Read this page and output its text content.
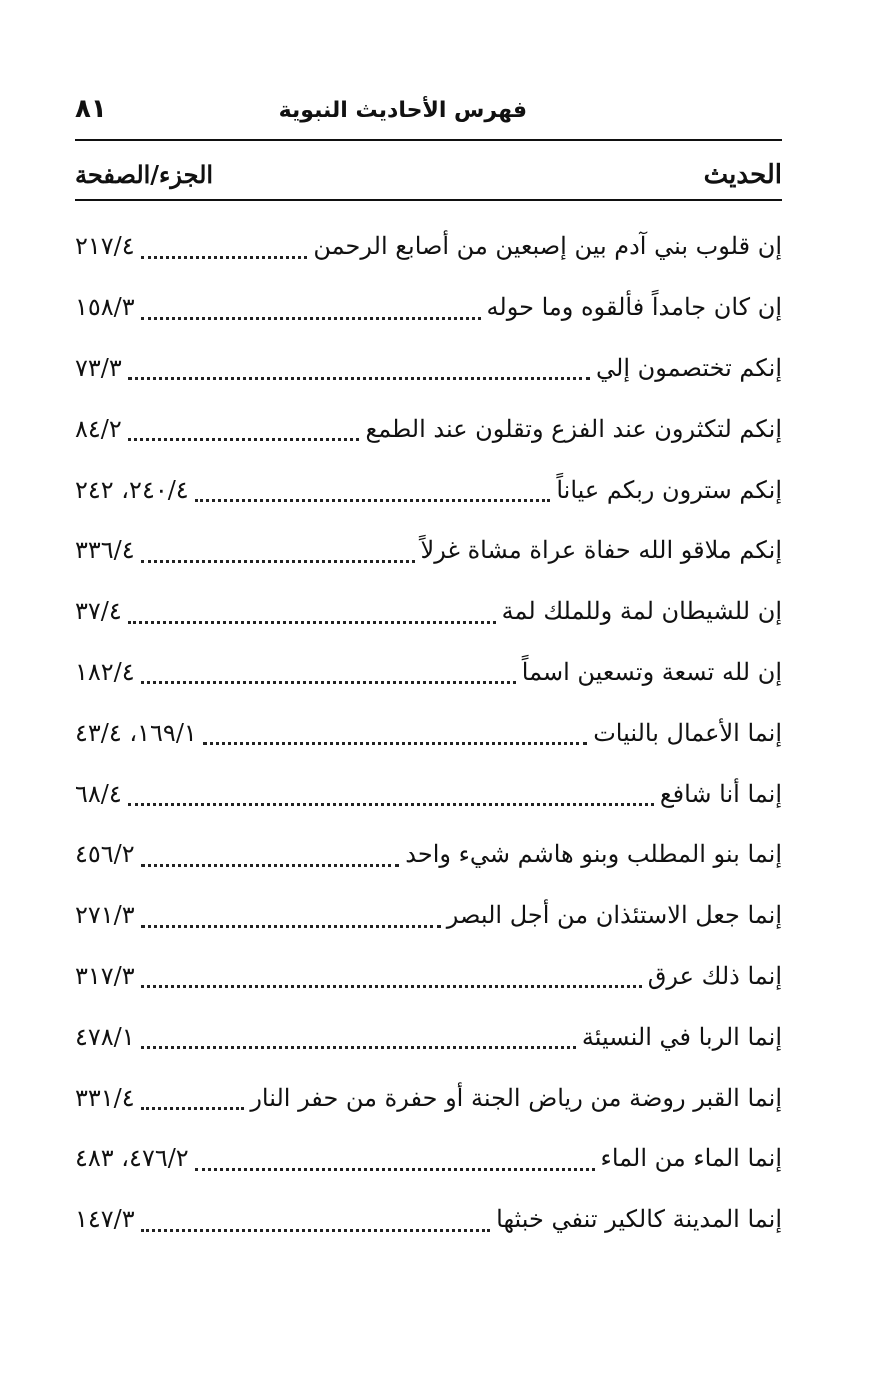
فهرس الأحاديث النبوية
٨١
الحديث
الجزء/الصفحة
إن قلوب بني آدم بين إصبعين من أصابع الرحمن
٢١٧/٤
إن كان جامداً فألقوه وما حوله
١٥٨/٣
إنكم تختصمون إلي
٧٣/٣
إنكم لتكثرون عند الفزع وتقلون عند الطمع
٨٤/٢
إنكم سترون ربكم عياناً
٢٤٠/٤، ٢٤٢
إنكم ملاقو الله حفاة عراة مشاة غرلاً
٣٣٦/٤
إن للشيطان لمة وللملك لمة
٣٧/٤
إن لله تسعة وتسعين اسماً
١٨٢/٤
إنما الأعمال بالنيات
١٦٩/١، ٤٣/٤
إنما أنا شافع
٦٨/٤
إنما بنو المطلب وبنو هاشم شيء واحد
٤٥٦/٢
إنما جعل الاستئذان من أجل البصر
٢٧١/٣
إنما ذلك عرق
٣١٧/٣
إنما الربا في النسيئة
٤٧٨/١
إنما القبر روضة من رياض الجنة أو حفرة من حفر النار
٣٣١/٤
إنما الماء من الماء
٤٧٦/٢، ٤٨٣
إنما المدينة كالكير تنفي خبثها
١٤٧/٣
